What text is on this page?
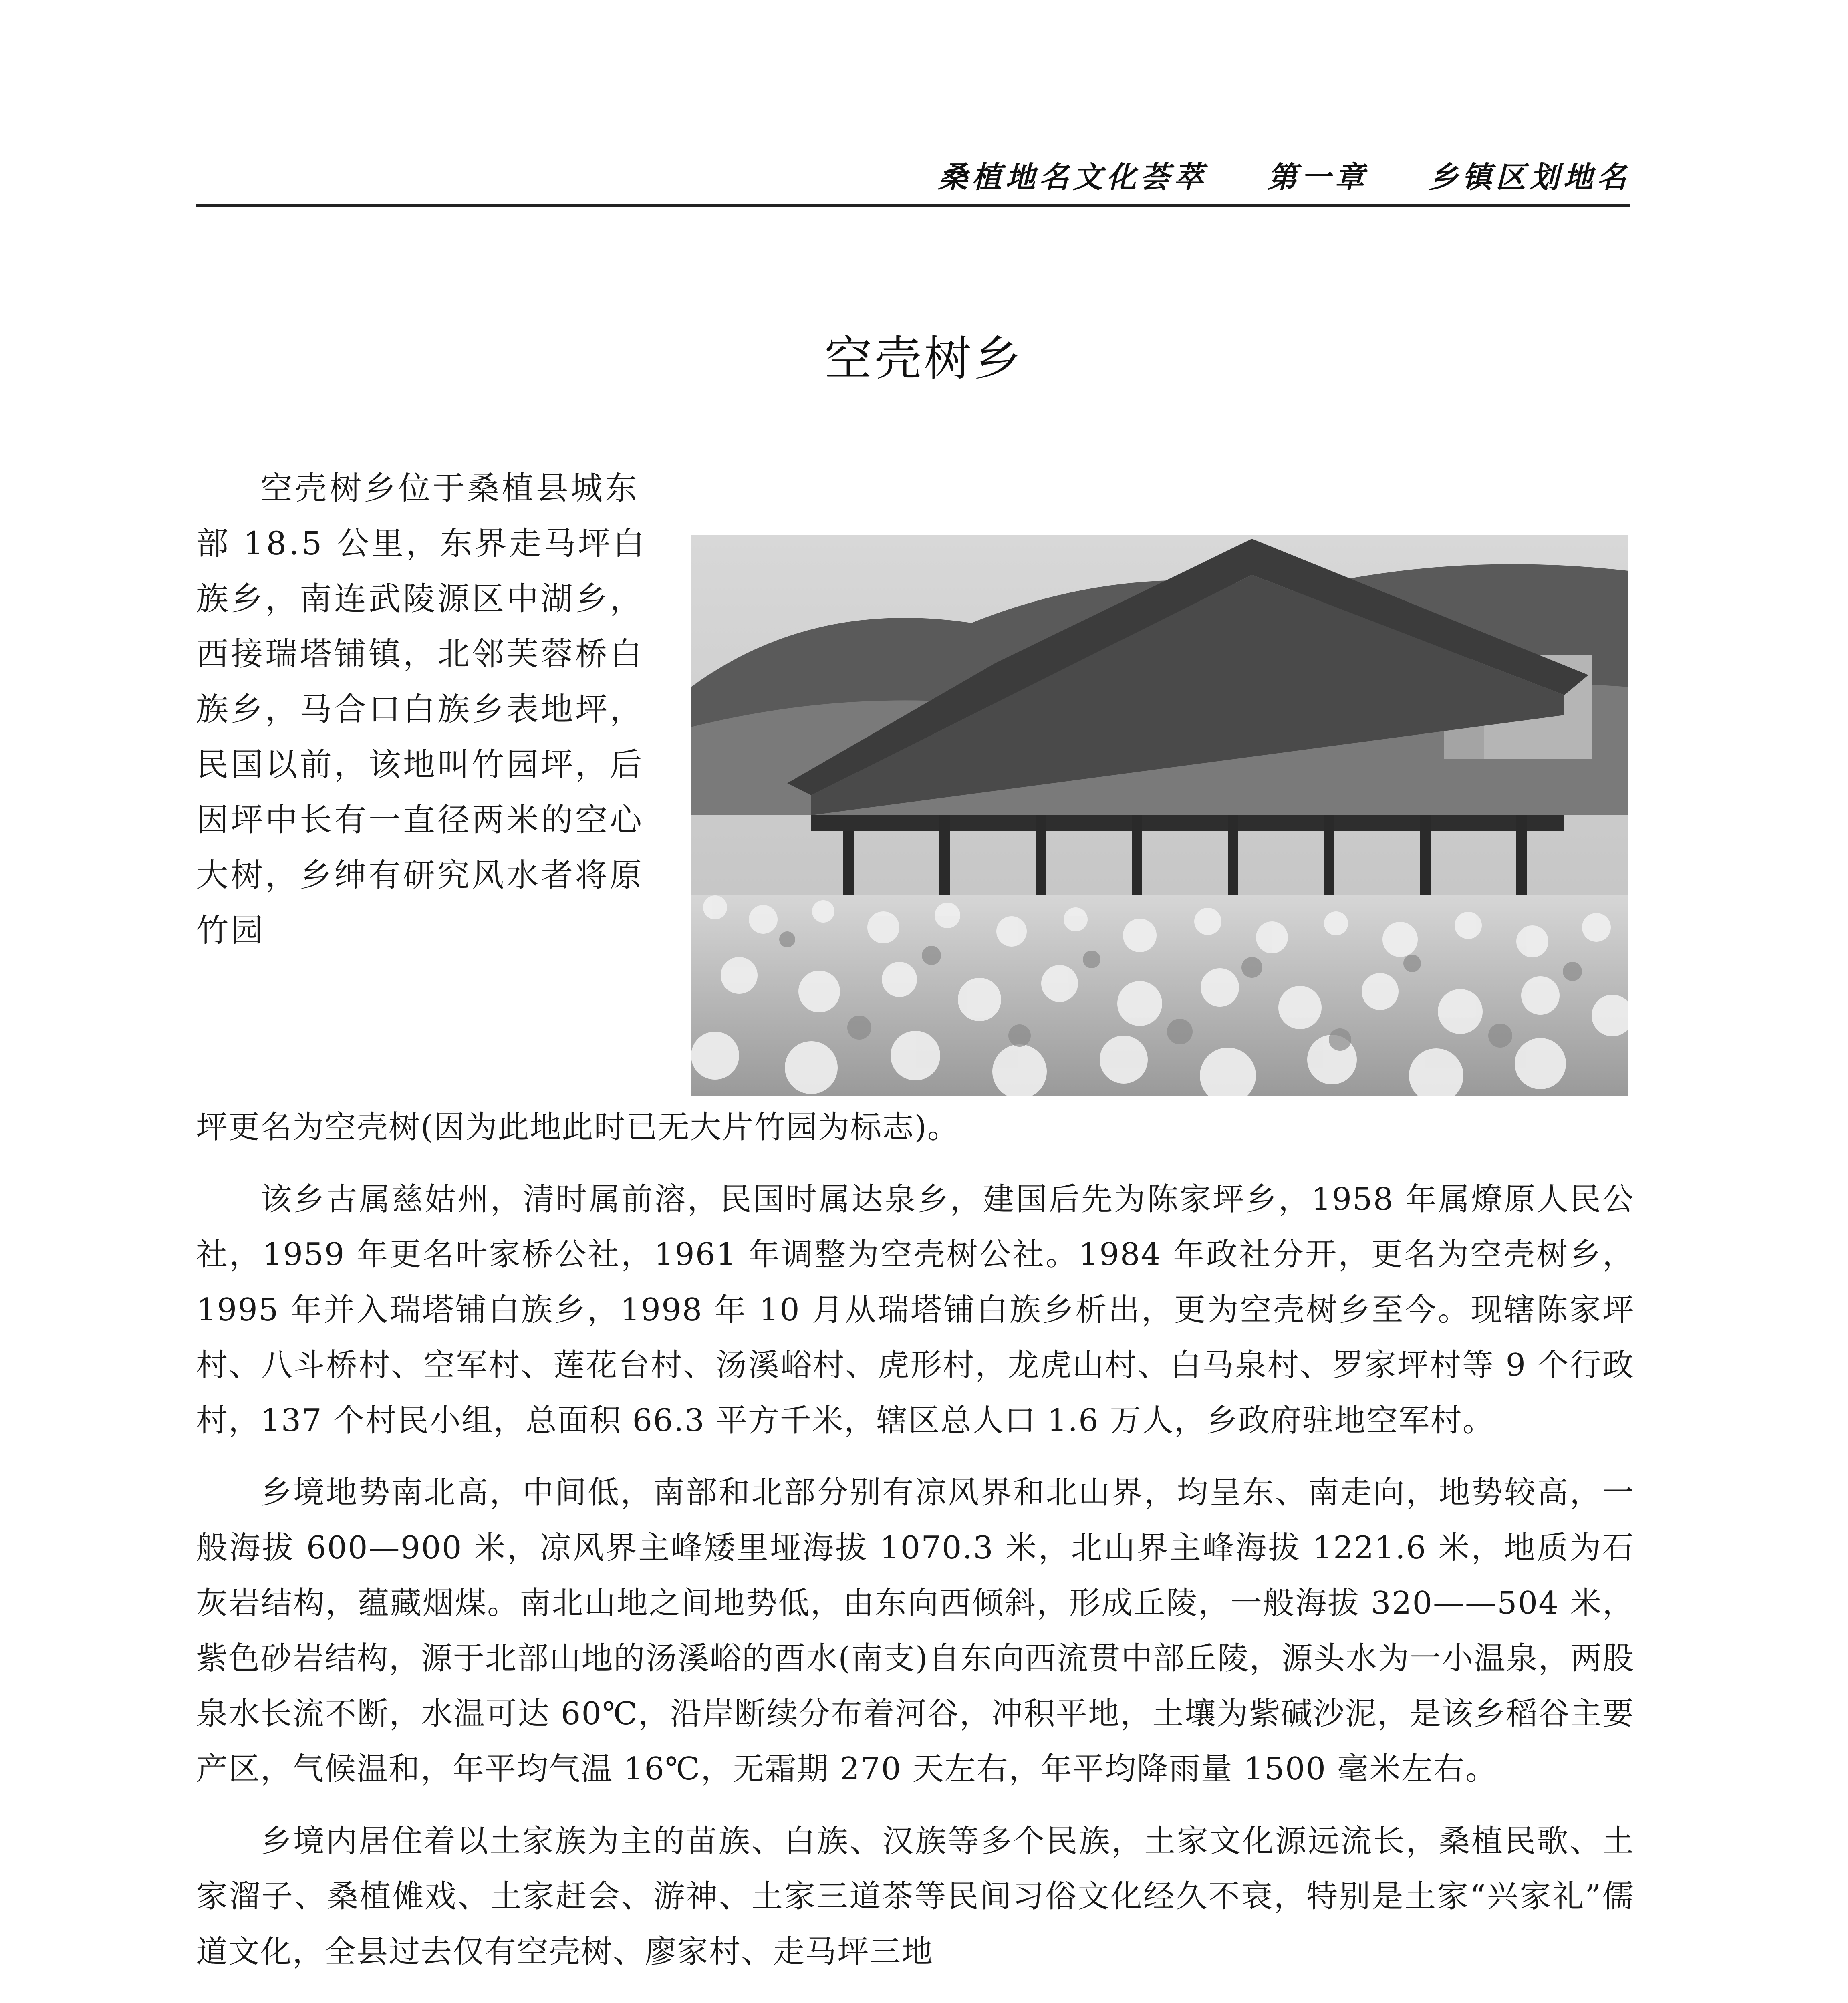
桑植地名文化荟萃 第一章 乡镇区划地名
空壳树乡

空壳树乡位于桑植县城东部 18.5 公里，东界走马坪白族乡，南连武陵源区中湖乡，西接瑞塔铺镇，北邻芙蓉桥白族乡，马合口白族乡表地坪，民国以前，该地叫竹园坪，后因坪中长有一直径两米的空心大树，乡绅有研究风水者将原竹园

坪更名为空壳树(因为此地此时已无大片竹园为标志)。

该乡古属慈姑州，清时属前溶，民国时属达泉乡，建国后先为陈家坪乡，1958 年属燎原人民公社，1959 年更名叶家桥公社，1961 年调整为空壳树公社。1984 年政社分开，更名为空壳树乡，1995 年并入瑞塔铺白族乡，1998 年 10 月从瑞塔铺白族乡析出，更为空壳树乡至今。现辖陈家坪村、八斗桥村、空军村、莲花台村、汤溪峪村、虎形村，龙虎山村、白马泉村、罗家坪村等 9 个行政村，137 个村民小组，总面积 66.3 平方千米，辖区总人口 1.6 万人，乡政府驻地空军村。

乡境地势南北高，中间低，南部和北部分别有凉风界和北山界，均呈东、南走向，地势较高，一般海拔 600—900 米，凉风界主峰矮里垭海拔 1070.3 米，北山界主峰海拔 1221.6 米，地质为石灰岩结构，蕴藏烟煤。南北山地之间地势低，由东向西倾斜，形成丘陵，一般海拔 320——504 米，紫色砂岩结构，源于北部山地的汤溪峪的酉水(南支)自东向西流贯中部丘陵，源头水为一小温泉，两股泉水长流不断，水温可达 60℃，沿岸断续分布着河谷，冲积平地，土壤为紫碱沙泥，是该乡稻谷主要产区，气候温和，年平均气温 16℃，无霜期 270 天左右，年平均降雨量 1500 毫米左右。

乡境内居住着以土家族为主的苗族、白族、汉族等多个民族，土家文化源远流长，桑植民歌、土家溜子、桑植傩戏、土家赶会、游神、土家三道茶等民间习俗文化经久不衰，特别是土家“兴家礼”儒道文化，全县过去仅有空壳树、廖家村、走马坪三地
